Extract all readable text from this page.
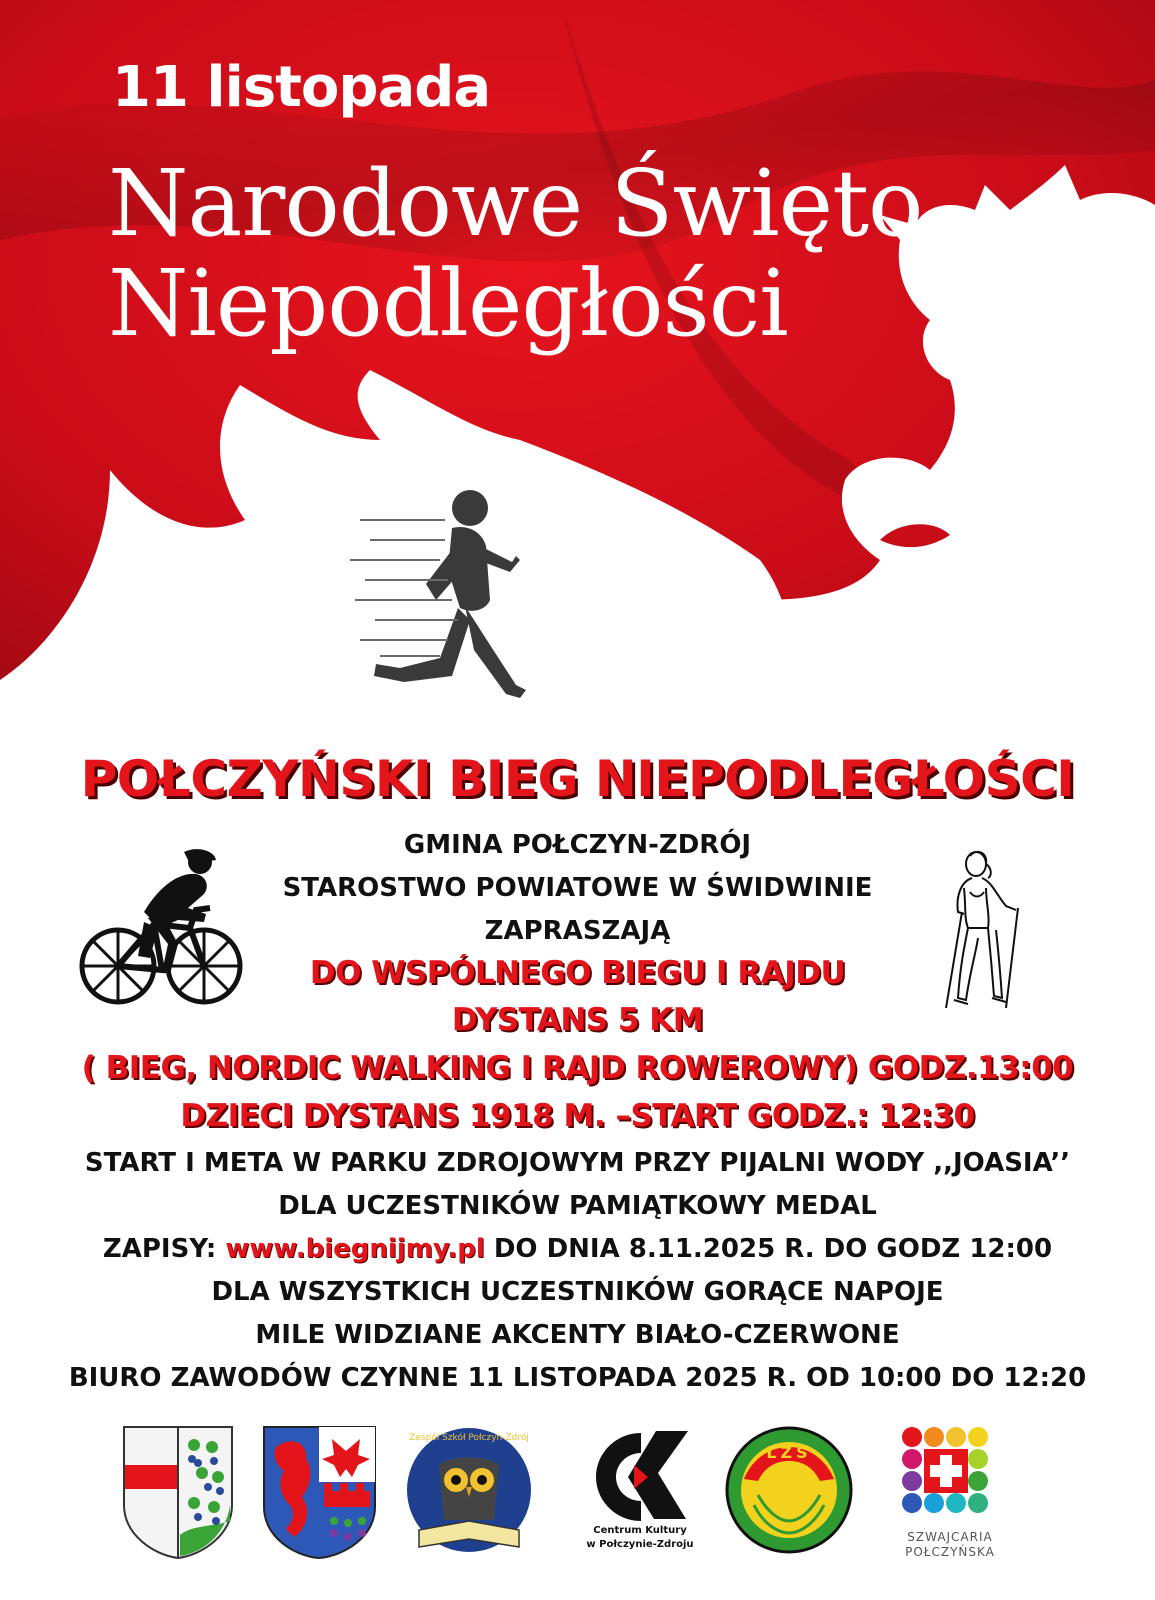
11 listopada
Narodowe Święto
Niepodległości
POŁCZYŃSKI BIEG NIEPODLEGŁOŚCI
GMINA POŁCZYN-ZDRÓJ
STAROSTWO POWIATOWE W ŚWIDWINIE
ZAPRASZAJĄ
DO WSPÓLNEGO BIEGU I RAJDU
DYSTANS 5 KM
( BIEG, NORDIC WALKING I RAJD ROWEROWY) GODZ.13:00
DZIECI DYSTANS 1918 M. –START GODZ.: 12:30
START I META W PARKU ZDROJOWYM PRZY PIJALNI WODY ,,JOASIA’’
DLA UCZESTNIKÓW PAMIĄTKOWY MEDAL
ZAPISY: www.biegnijmy.pl DO DNIA 8.11.2025 R. DO GODZ 12:00
DLA WSZYSTKICH UCZESTNIKÓW GORĄCE NAPOJE
MILE WIDZIANE AKCENTY BIAŁO-CZERWONE
BIURO ZAWODÓW CZYNNE 11 LISTOPADA 2025 R. OD 10:00 DO 12:20
Zespół Szkół Połczyn-Zdrój
Centrum Kultury
w Połczynie-Zdroju
LZS
SZWAJCARIA
POŁCZYŃSKA
